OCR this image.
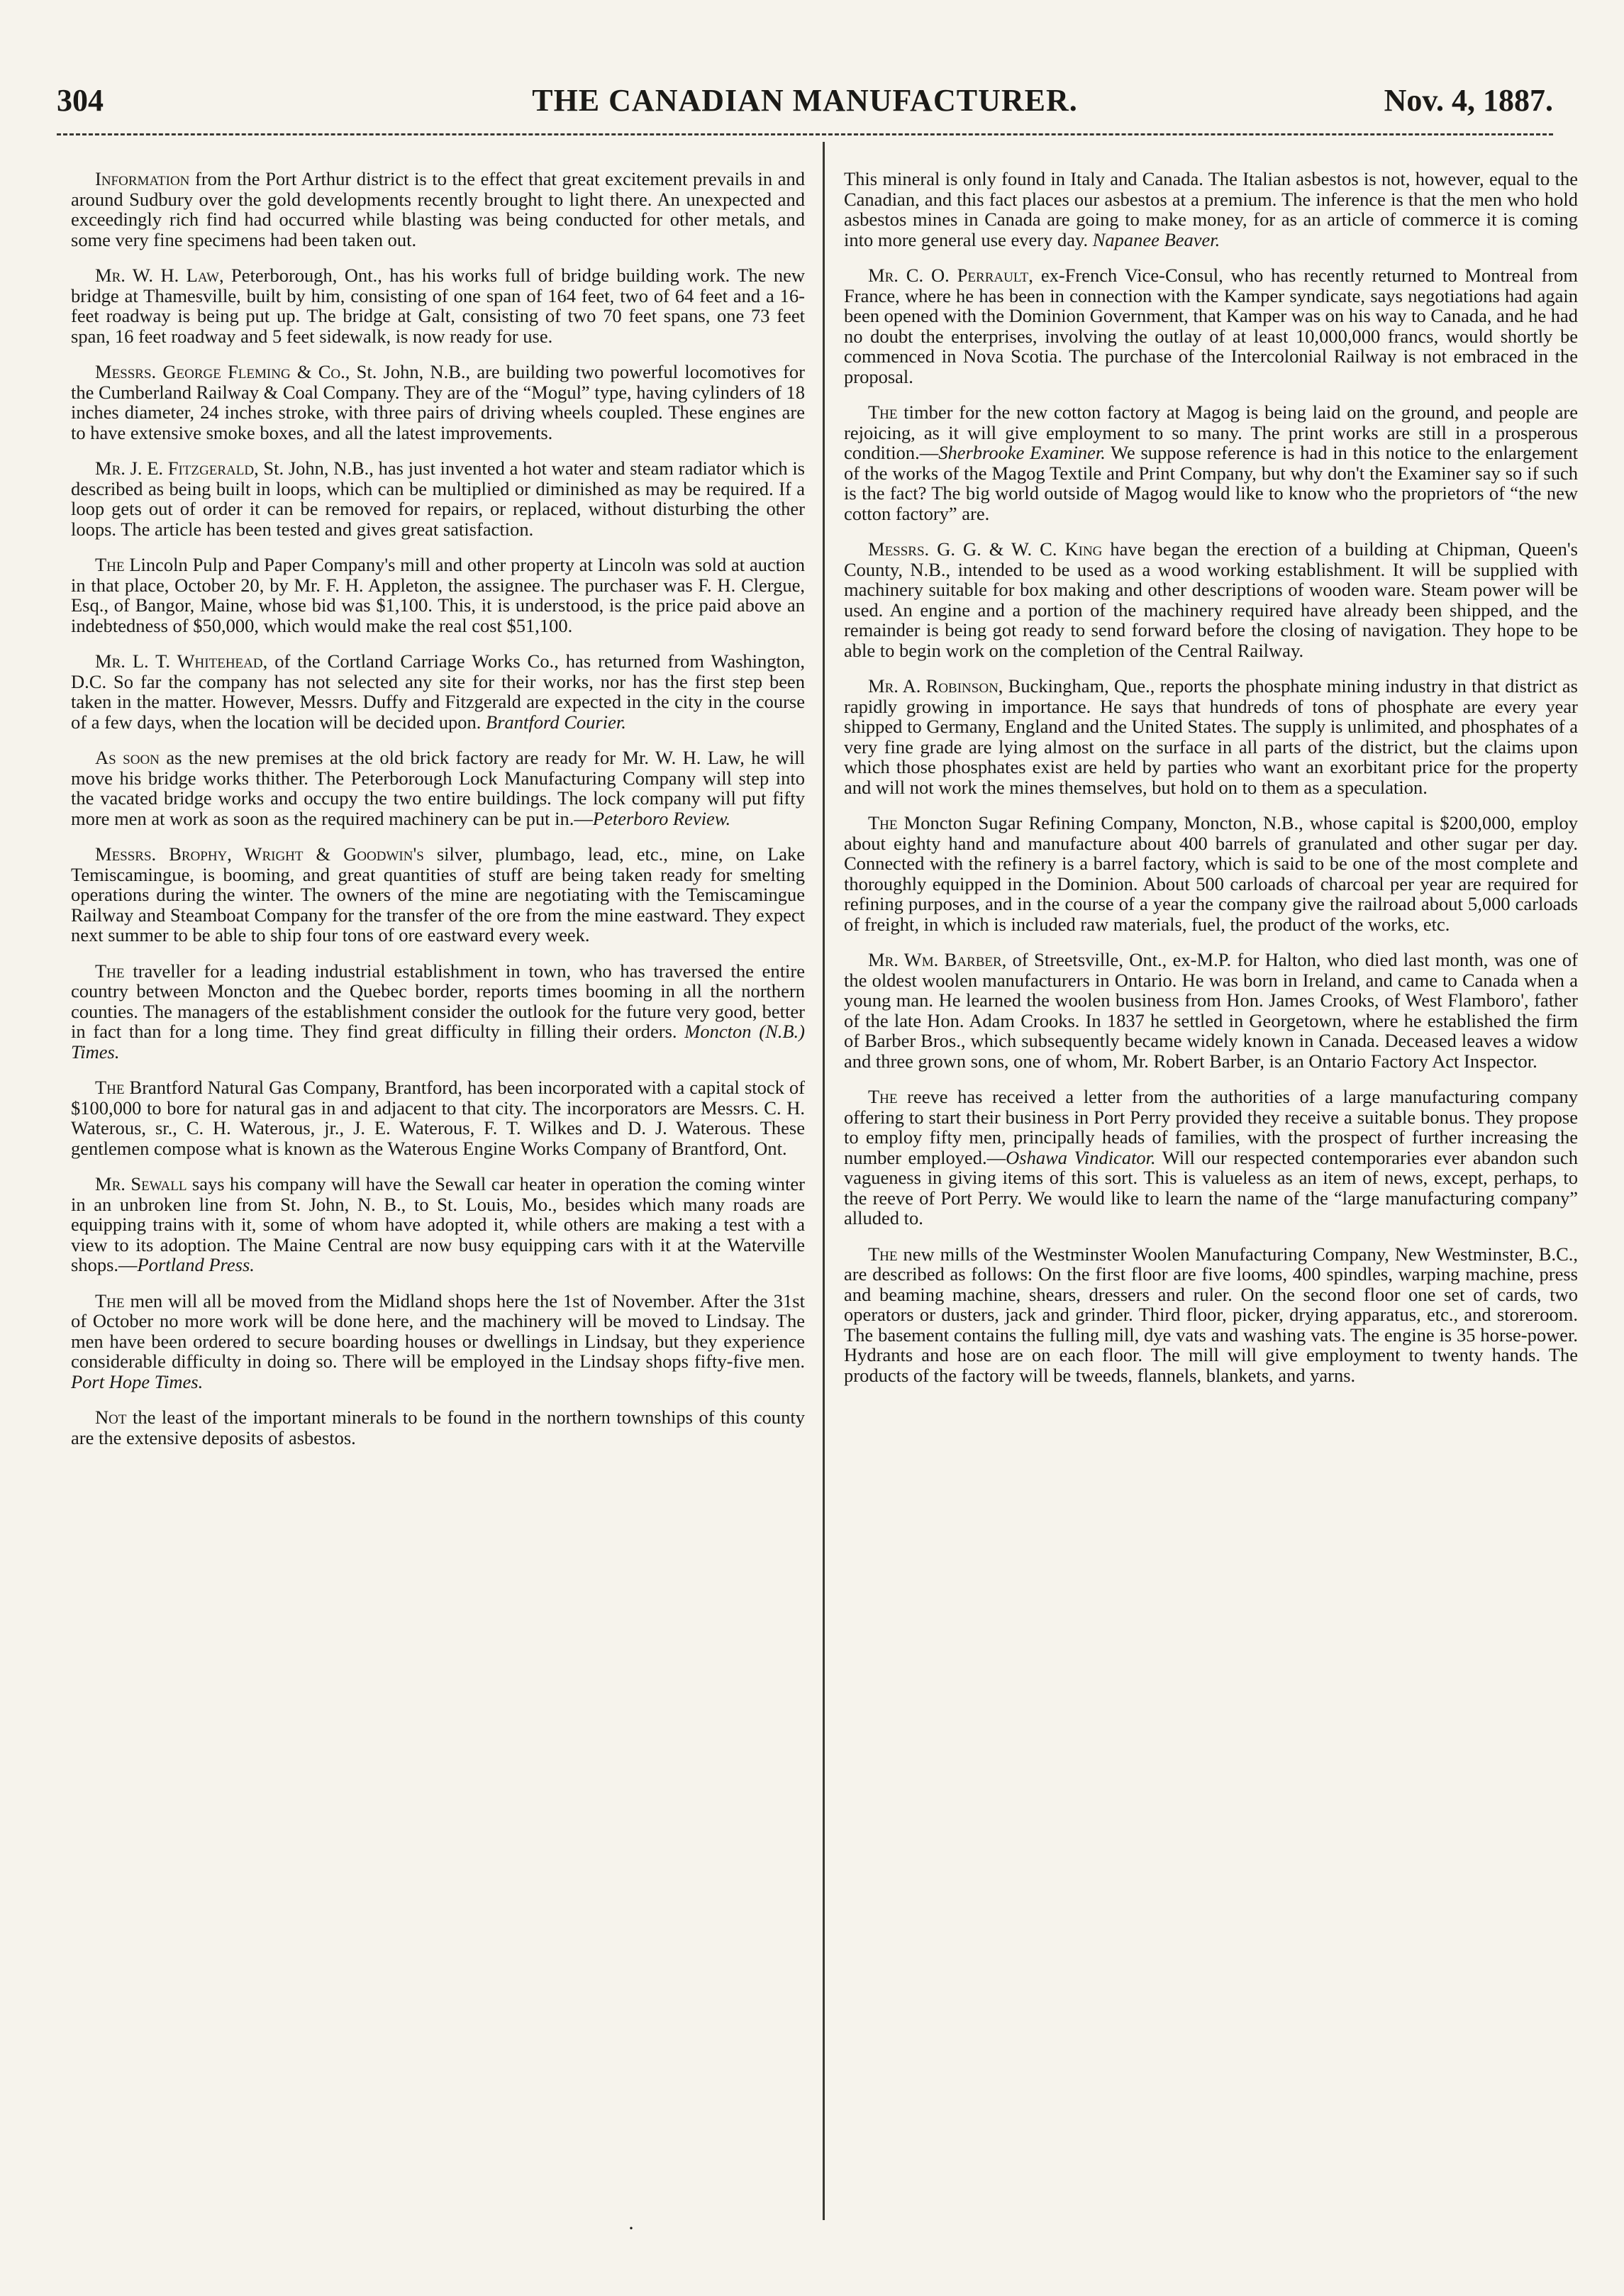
304	THE CANADIAN MANUFACTURER.	Nov. 4, 1887.

Information from the Port Arthur district is to the effect that great excitement prevails in and around Sudbury over the gold developments recently brought to light there. An unexpected and exceedingly rich find had occurred while blasting was being conducted for other metals, and some very fine specimens had been taken out.

Mr. W. H. Law, Peterborough, Ont., has his works full of bridge building work. The new bridge at Thamesville, built by him, consisting of one span of 164 feet, two of 64 feet and a 16-feet roadway is being put up. The bridge at Galt, consisting of two 70 feet spans, one 73 feet span, 16 feet roadway and 5 feet sidewalk, is now ready for use.

Messrs. George Fleming & Co., St. John, N.B., are building two powerful locomotives for the Cumberland Railway & Coal Company. They are of the “Mogul” type, having cylinders of 18 inches diameter, 24 inches stroke, with three pairs of driving wheels coupled. These engines are to have extensive smoke boxes, and all the latest improvements.

Mr. J. E. Fitzgerald, St. John, N.B., has just invented a hot water and steam radiator which is described as being built in loops, which can be multiplied or diminished as may be required. If a loop gets out of order it can be removed for repairs, or replaced, without disturbing the other loops. The article has been tested and gives great satisfaction.

The Lincoln Pulp and Paper Company's mill and other property at Lincoln was sold at auction in that place, October 20, by Mr. F. H. Appleton, the assignee. The purchaser was F. H. Clergue, Esq., of Bangor, Maine, whose bid was $1,100. This, it is understood, is the price paid above an indebtedness of $50,000, which would make the real cost $51,100.

Mr. L. T. Whitehead, of the Cortland Carriage Works Co., has returned from Washington, D.C. So far the company has not selected any site for their works, nor has the first step been taken in the matter. However, Messrs. Duffy and Fitzgerald are expected in the city in the course of a few days, when the location will be decided upon. Brantford Courier.

As soon as the new premises at the old brick factory are ready for Mr. W. H. Law, he will move his bridge works thither. The Peterborough Lock Manufacturing Company will step into the vacated bridge works and occupy the two entire buildings. The lock company will put fifty more men at work as soon as the required machinery can be put in.—Peterboro Review.

Messrs. Brophy, Wright & Goodwin's silver, plumbago, lead, etc., mine, on Lake Temiscamingue, is booming, and great quantities of stuff are being taken ready for smelting operations during the winter. The owners of the mine are negotiating with the Temiscamingue Railway and Steamboat Company for the transfer of the ore from the mine eastward. They expect next summer to be able to ship four tons of ore eastward every week.

The traveller for a leading industrial establishment in town, who has traversed the entire country between Moncton and the Quebec border, reports times booming in all the northern counties. The managers of the establishment consider the outlook for the future very good, better in fact than for a long time. They find great difficulty in filling their orders. Moncton (N.B.) Times.

The Brantford Natural Gas Company, Brantford, has been incorporated with a capital stock of $100,000 to bore for natural gas in and adjacent to that city. The incorporators are Messrs. C. H. Waterous, sr., C. H. Waterous, jr., J. E. Waterous, F. T. Wilkes and D. J. Waterous. These gentlemen compose what is known as the Waterous Engine Works Company of Brantford, Ont.

Mr. Sewall says his company will have the Sewall car heater in operation the coming winter in an unbroken line from St. John, N. B., to St. Louis, Mo., besides which many roads are equipping trains with it, some of whom have adopted it, while others are making a test with a view to its adoption. The Maine Central are now busy equipping cars with it at the Waterville shops.—Portland Press.

The men will all be moved from the Midland shops here the 1st of November. After the 31st of October no more work will be done here, and the machinery will be moved to Lindsay. The men have been ordered to secure boarding houses or dwellings in Lindsay, but they experience considerable difficulty in doing so. There will be employed in the Lindsay shops fifty-five men. Port Hope Times.

Not the least of the important minerals to be found in the northern townships of this county are the extensive deposits of asbestos.

This mineral is only found in Italy and Canada. The Italian asbestos is not, however, equal to the Canadian, and this fact places our asbestos at a premium. The inference is that the men who hold asbestos mines in Canada are going to make money, for as an article of commerce it is coming into more general use every day. Napanee Beaver.

Mr. C. O. Perrault, ex-French Vice-Consul, who has recently returned to Montreal from France, where he has been in connection with the Kamper syndicate, says negotiations had again been opened with the Dominion Government, that Kamper was on his way to Canada, and he had no doubt the enterprises, involving the outlay of at least 10,000,000 francs, would shortly be commenced in Nova Scotia. The purchase of the Intercolonial Railway is not embraced in the proposal.

The timber for the new cotton factory at Magog is being laid on the ground, and people are rejoicing, as it will give employment to so many. The print works are still in a prosperous condition.—Sherbrooke Examiner. We suppose reference is had in this notice to the enlargement of the works of the Magog Textile and Print Company, but why don't the Examiner say so if such is the fact? The big world outside of Magog would like to know who the proprietors of “the new cotton factory” are.

Messrs. G. G. & W. C. King have began the erection of a building at Chipman, Queen's County, N.B., intended to be used as a wood working establishment. It will be supplied with machinery suitable for box making and other descriptions of wooden ware. Steam power will be used. An engine and a portion of the machinery required have already been shipped, and the remainder is being got ready to send forward before the closing of navigation. They hope to be able to begin work on the completion of the Central Railway.

Mr. A. Robinson, Buckingham, Que., reports the phosphate mining industry in that district as rapidly growing in importance. He says that hundreds of tons of phosphate are every year shipped to Germany, England and the United States. The supply is unlimited, and phosphates of a very fine grade are lying almost on the surface in all parts of the district, but the claims upon which those phosphates exist are held by parties who want an exorbitant price for the property and will not work the mines themselves, but hold on to them as a speculation.

The Moncton Sugar Refining Company, Moncton, N.B., whose capital is $200,000, employ about eighty hand and manufacture about 400 barrels of granulated and other sugar per day. Connected with the refinery is a barrel factory, which is said to be one of the most complete and thoroughly equipped in the Dominion. About 500 carloads of charcoal per year are required for refining purposes, and in the course of a year the company give the railroad about 5,000 carloads of freight, in which is included raw materials, fuel, the product of the works, etc.

Mr. Wm. Barber, of Streetsville, Ont., ex-M.P. for Halton, who died last month, was one of the oldest woolen manufacturers in Ontario. He was born in Ireland, and came to Canada when a young man. He learned the woolen business from Hon. James Crooks, of West Flamboro', father of the late Hon. Adam Crooks. In 1837 he settled in Georgetown, where he established the firm of Barber Bros., which subsequently became widely known in Canada. Deceased leaves a widow and three grown sons, one of whom, Mr. Robert Barber, is an Ontario Factory Act Inspector.

The reeve has received a letter from the authorities of a large manufacturing company offering to start their business in Port Perry provided they receive a suitable bonus. They propose to employ fifty men, principally heads of families, with the prospect of further increasing the number employed.—Oshawa Vindicator. Will our respected contemporaries ever abandon such vagueness in giving items of this sort. This is valueless as an item of news, except, perhaps, to the reeve of Port Perry. We would like to learn the name of the “large manufacturing company” alluded to.

The new mills of the Westminster Woolen Manufacturing Company, New Westminster, B.C., are described as follows: On the first floor are five looms, 400 spindles, warping machine, press and beaming machine, shears, dressers and ruler. On the second floor one set of cards, two operators or dusters, jack and grinder. Third floor, picker, drying apparatus, etc., and storeroom. The basement contains the fulling mill, dye vats and washing vats. The engine is 35 horse-power. Hydrants and hose are on each floor. The mill will give employment to twenty hands. The products of the factory will be tweeds, flannels, blankets, and yarns.

·
